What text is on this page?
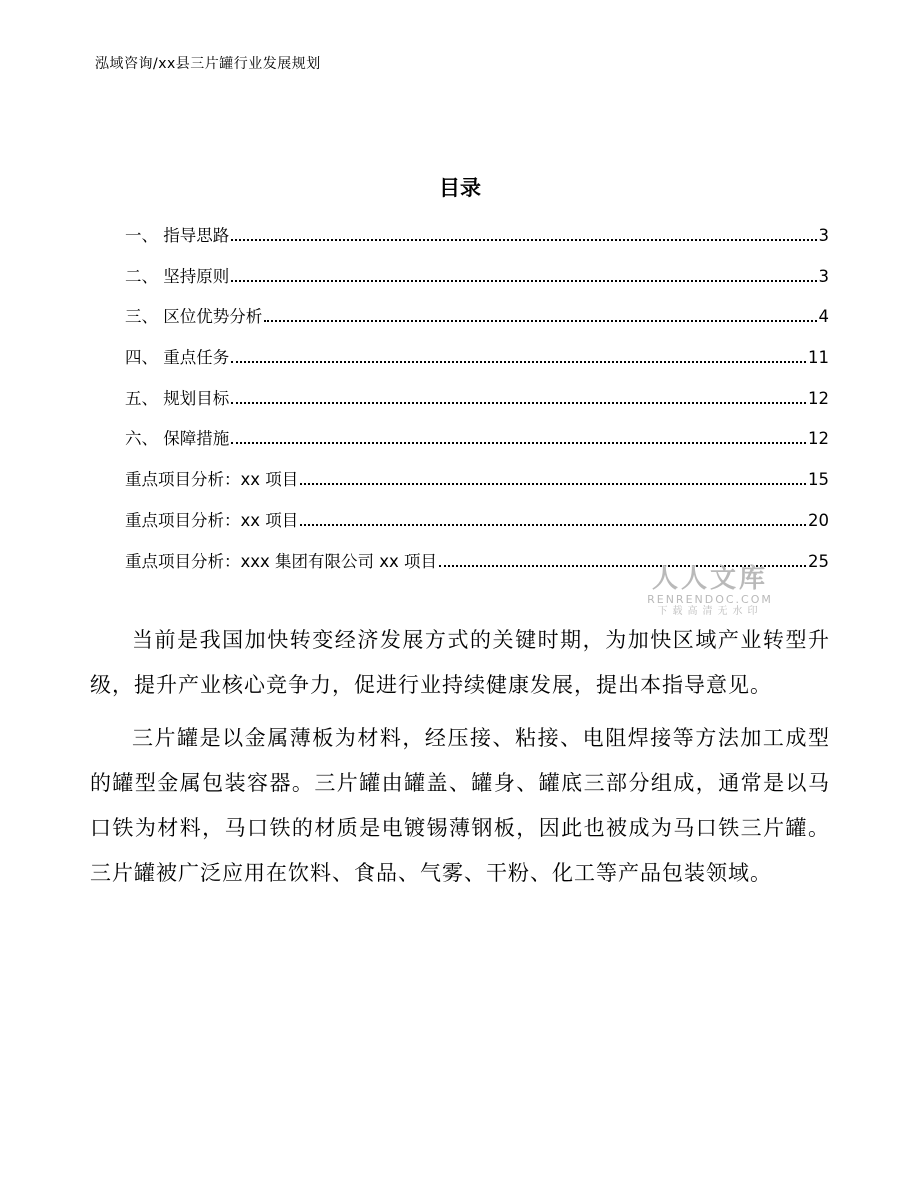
泓域咨询/xx县三片罐行业发展规划
目录
一、 指导思路	3
二、 坚持原则	3
三、 区位优势分析	4
四、 重点任务	11
五、 规划目标	12
六、 保障措施	12
重点项目分析：xx 项目	15
重点项目分析：xx 项目	20
重点项目分析：xxx 集团有限公司 xx 项目	25
人人文库
RENRENDOC.COM
下载高清无水印

当前是我国加快转变经济发展方式的关键时期，为加快区域产业转型升级，提升产业核心竞争力，促进行业持续健康发展，提出本指导意见。

三片罐是以金属薄板为材料，经压接、粘接、电阻焊接等方法加工成型的罐型金属包装容器。三片罐由罐盖、罐身、罐底三部分组成，通常是以马口铁为材料，马口铁的材质是电镀锡薄钢板，因此也被成为马口铁三片罐。三片罐被广泛应用在饮料、食品、气雾、干粉、化工等产品包装领域。
